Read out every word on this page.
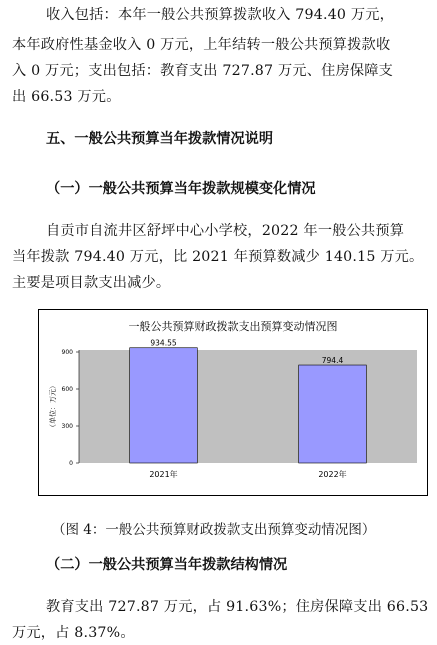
收入包括：本年一般公共预算拨款收入 794.40 万元，
本年政府性基金收入 0 万元，上年结转一般公共预算拨款收
入 0 万元；支出包括：教育支出 727.87 万元、住房保障支
出 66.53 万元。
五、一般公共预算当年拨款情况说明
（一）一般公共预算当年拨款规模变化情况
自贡市自流井区舒坪中心小学校，2022 年一般公共预算
当年拨款 794.40 万元，比 2021 年预算数减少 140.15 万元。
主要是项目款支出减少。
一般公共预算财政拨款支出预算变动情况图
0
300
600
900
934.55
794.4
2021年	2022年
（单位：万元）
（图 4：一般公共预算财政拨款支出预算变动情况图）
（二）一般公共预算当年拨款结构情况
教育支出 727.87 万元，占 91.63%；住房保障支出 66.53
万元，占 8.37%。
